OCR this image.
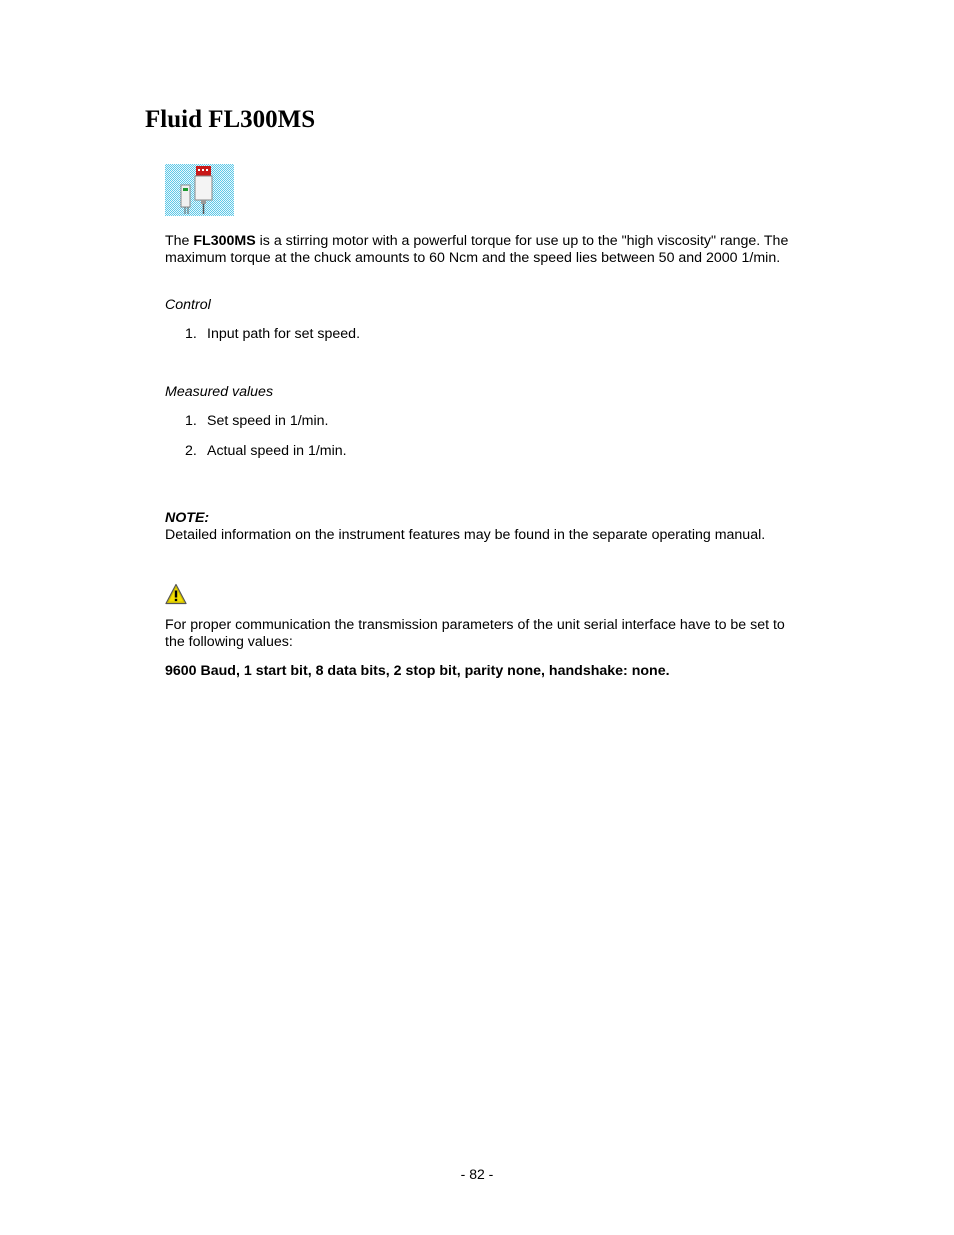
Fluid FL300MS

The FL300MS is a stirring motor with a powerful torque for use up to the "high viscosity" range. The maximum torque at the chuck amounts to 60 Ncm and the speed lies between 50 and 2000 1/min.

Control

1. Input path for set speed.

Measured values

1. Set speed in 1/min.
2. Actual speed in 1/min.

NOTE:

Detailed information on the instrument features may be found in the separate operating manual.

For proper communication the transmission parameters of the unit serial interface have to be set to the following values:

9600 Baud, 1 start bit, 8 data bits, 2 stop bit, parity none, handshake: none.

- 82 -
